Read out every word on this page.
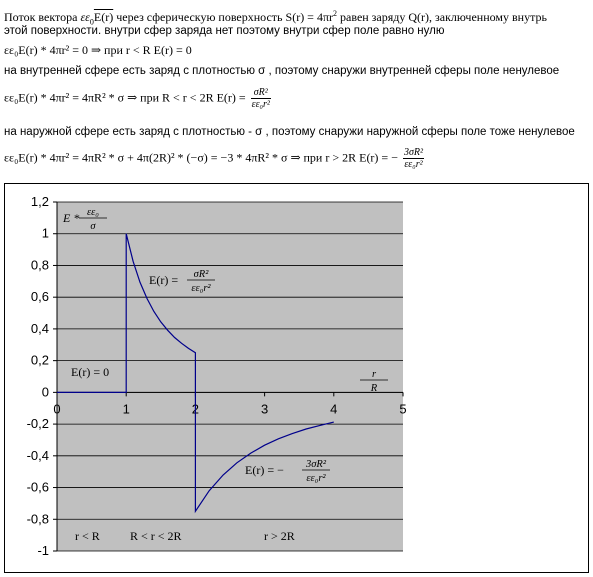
Поток вектора $\varepsilon\varepsilon_0E(r)$ через сферическую поверхность $S(r) = 4\pi r^2$ равен заряду Q(r), заключенному внутрь
этой поверхности. внутри сфер заряда нет поэтому внутри сфер поле равно нулю
εε₀E(r) * 4πr² = 0 ⇒ при r < R E(r) = 0
на внутренней сфере есть заряд с плотностью σ , поэтому снаружи внутренней сферы поле ненулевое
εε₀E(r) * 4πr² = 4πR² * σ ⇒ при R < r < 2R $E(r) = \frac{\text{σR²}}{\text{εε₀r²}}$
на наружной сфере есть заряд с плотностью - σ , поэтому снаружи наружной сферы поле тоже ненулевое
εε₀E(r) * 4πr² = 4πR² * σ + 4π(2R)² * (−σ) = −3 * 4πR² * σ ⇒ при r > 2R E(r) = − $\frac{\text{3σR²}}{\text{εε₀r²}}$
-1
-0,8
-0,6
-0,4
-0,2
0
0,2
0,4
0,6
0,8
1
1,2
0	1	2	3	4	5
E * εε₀
σ
r
R
E(r) = 0
E(r) = σR²
εε₀r²
E(r) = − 3σR²
εε₀r²
r < R	R < r < 2R	r > 2R
